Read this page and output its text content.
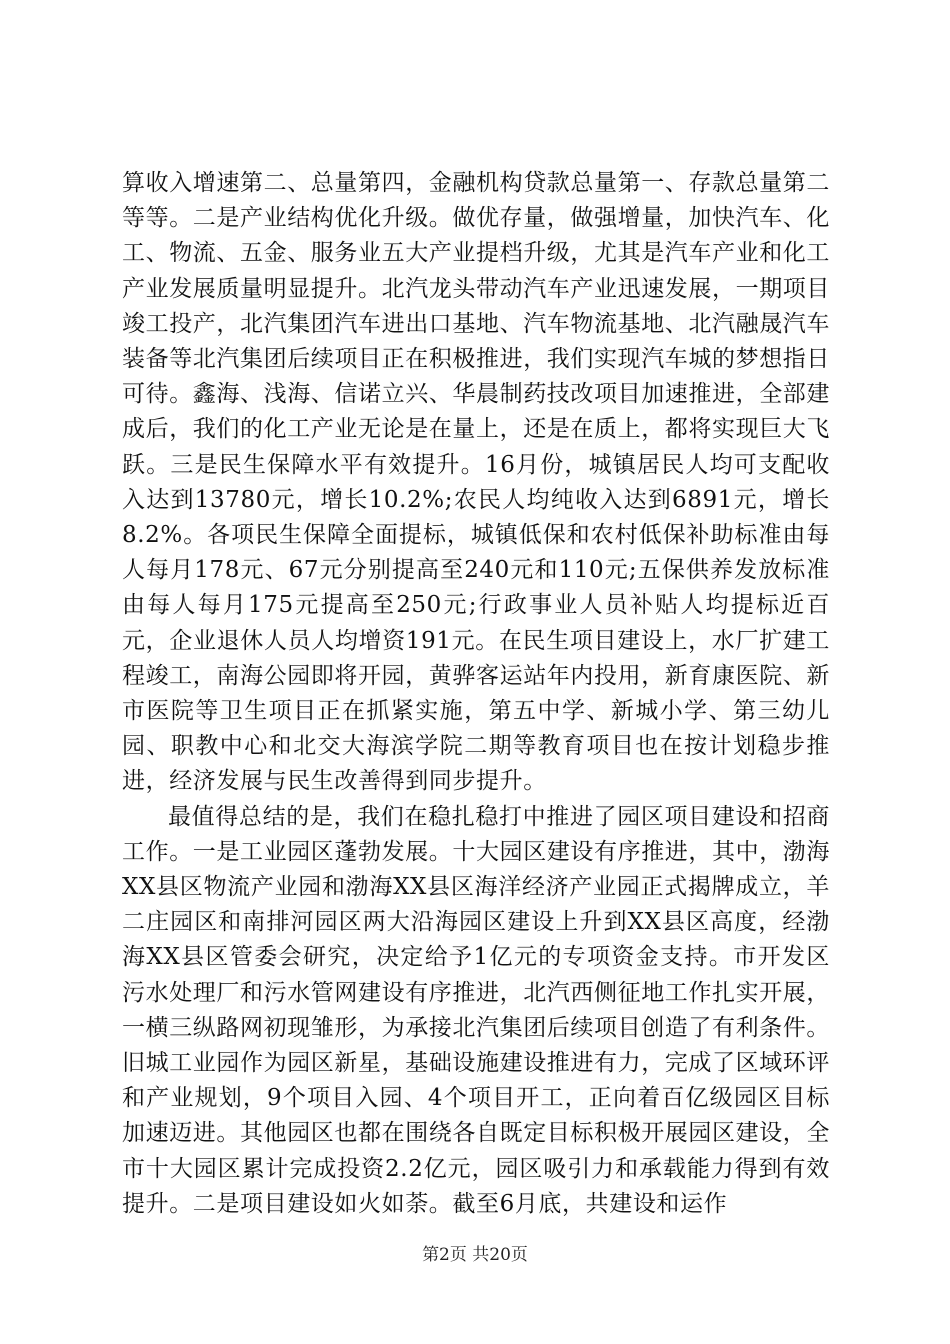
算收入增速第二、总量第四，金融机构贷款总量第一、存款总量第二等等。二是产业结构优化升级。做优存量，做强增量，加快汽车、化工、物流、五金、服务业五大产业提档升级，尤其是汽车产业和化工产业发展质量明显提升。北汽龙头带动汽车产业迅速发展，一期项目竣工投产，北汽集团汽车进出口基地、汽车物流基地、北汽融晟汽车装备等北汽集团后续项目正在积极推进，我们实现汽车城的梦想指日可待。鑫海、浅海、信诺立兴、华晨制药技改项目加速推进，全部建成后，我们的化工产业无论是在量上，还是在质上，都将实现巨大飞跃。三是民生保障水平有效提升。16月份，城镇居民人均可支配收入达到13780元，增长10.2%;农民人均纯收入达到6891元，增长8.2%。各项民生保障全面提标，城镇低保和农村低保补助标准由每人每月178元、67元分别提高至240元和110元;五保供养发放标准由每人每月175元提高至250元;行政事业人员补贴人均提标近百元，企业退休人员人均增资191元。在民生项目建设上，水厂扩建工程竣工，南海公园即将开园，黄骅客运站年内投用，新育康医院、新市医院等卫生项目正在抓紧实施，第五中学、新城小学、第三幼儿园、职教中心和北交大海滨学院二期等教育项目也在按计划稳步推进，经济发展与民生改善得到同步提升。

最值得总结的是，我们在稳扎稳打中推进了园区项目建设和招商工作。一是工业园区蓬勃发展。十大园区建设有序推进，其中，渤海XX县区物流产业园和渤海XX县区海洋经济产业园正式揭牌成立，羊二庄园区和南排河园区两大沿海园区建设上升到XX县区高度，经渤海XX县区管委会研究，决定给予1亿元的专项资金支持。市开发区污水处理厂和污水管网建设有序推进，北汽西侧征地工作扎实开展，一横三纵路网初现雏形，为承接北汽集团后续项目创造了有利条件。旧城工业园作为园区新星，基础设施建设推进有力，完成了区域环评和产业规划，9个项目入园、4个项目开工，正向着百亿级园区目标加速迈进。其他园区也都在围绕各自既定目标积极开展园区建设，全市十大园区累计完成投资2.2亿元，园区吸引力和承载能力得到有效提升。二是项目建设如火如荼。截至6月底，共建设和运作

第2页 共20页
